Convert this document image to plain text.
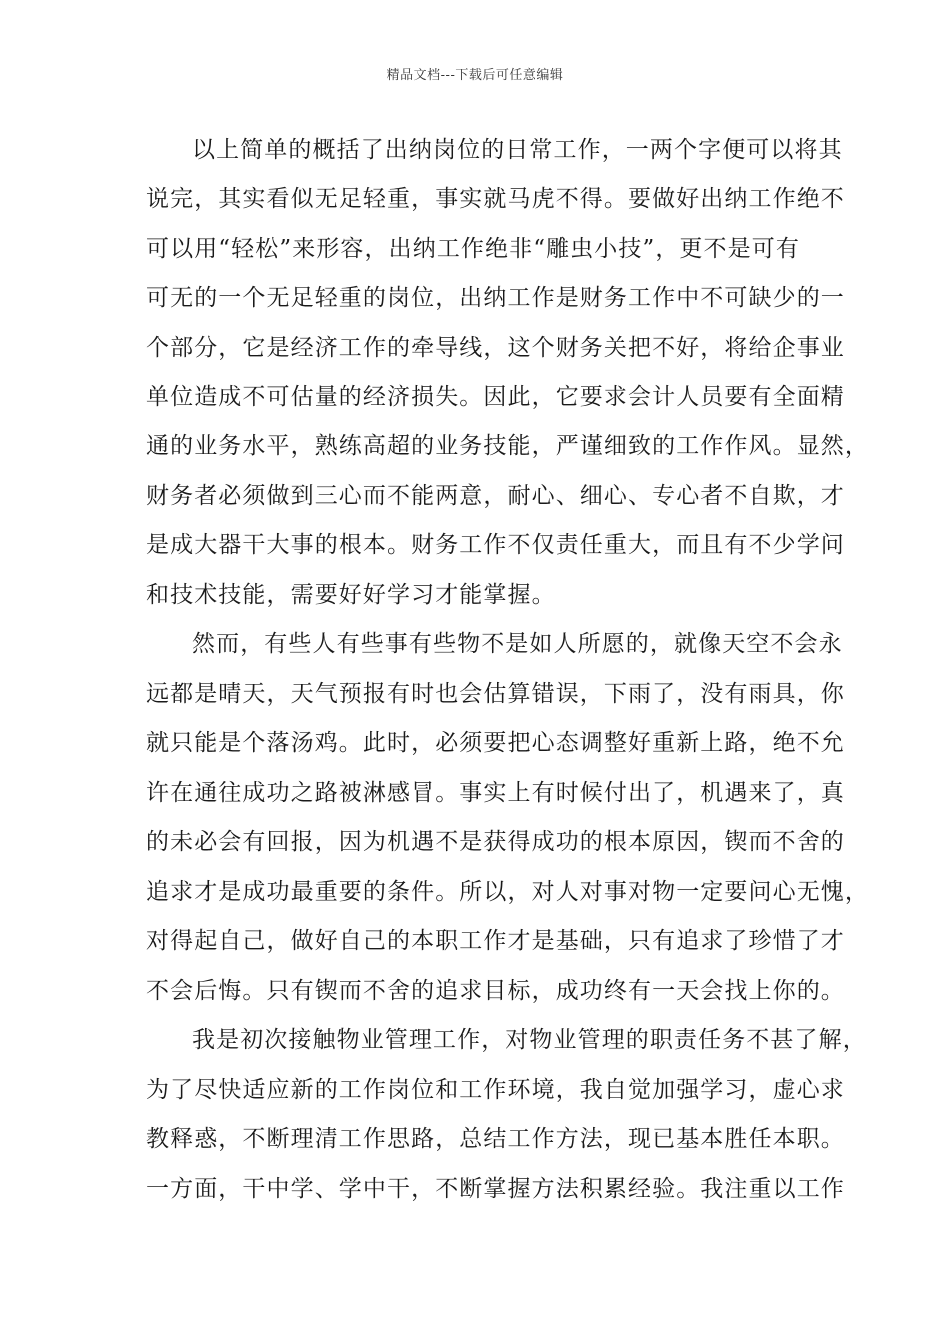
精品文档---下载后可任意编辑
以上简单的概括了出纳岗位的日常工作，一两个字便可以将其
说完，其实看似无足轻重，事实就马虎不得。要做好出纳工作绝不
可以用“轻松”来形容，出纳工作绝非“雕虫小技”，更不是可有
可无的一个无足轻重的岗位，出纳工作是财务工作中不可缺少的一
个部分，它是经济工作的牵导线，这个财务关把不好，将给企事业
单位造成不可估量的经济损失。因此，它要求会计人员要有全面精
通的业务水平，熟练高超的业务技能，严谨细致的工作作风。显然，
财务者必须做到三心而不能两意，耐心、细心、专心者不自欺，才
是成大器干大事的根本。财务工作不仅责任重大，而且有不少学问
和技术技能，需要好好学习才能掌握。
然而，有些人有些事有些物不是如人所愿的，就像天空不会永
远都是晴天，天气预报有时也会估算错误，下雨了，没有雨具，你
就只能是个落汤鸡。此时，必须要把心态调整好重新上路，绝不允
许在通往成功之路被淋感冒。事实上有时候付出了，机遇来了，真
的未必会有回报，因为机遇不是获得成功的根本原因，锲而不舍的
追求才是成功最重要的条件。所以，对人对事对物一定要问心无愧，
对得起自己，做好自己的本职工作才是基础，只有追求了珍惜了才
不会后悔。只有锲而不舍的追求目标，成功终有一天会找上你的。
我是初次接触物业管理工作，对物业管理的职责任务不甚了解，
为了尽快适应新的工作岗位和工作环境，我自觉加强学习，虚心求
教释惑，不断理清工作思路，总结工作方法，现已基本胜任本职。
一方面，干中学、学中干，不断掌握方法积累经验。我注重以工作
